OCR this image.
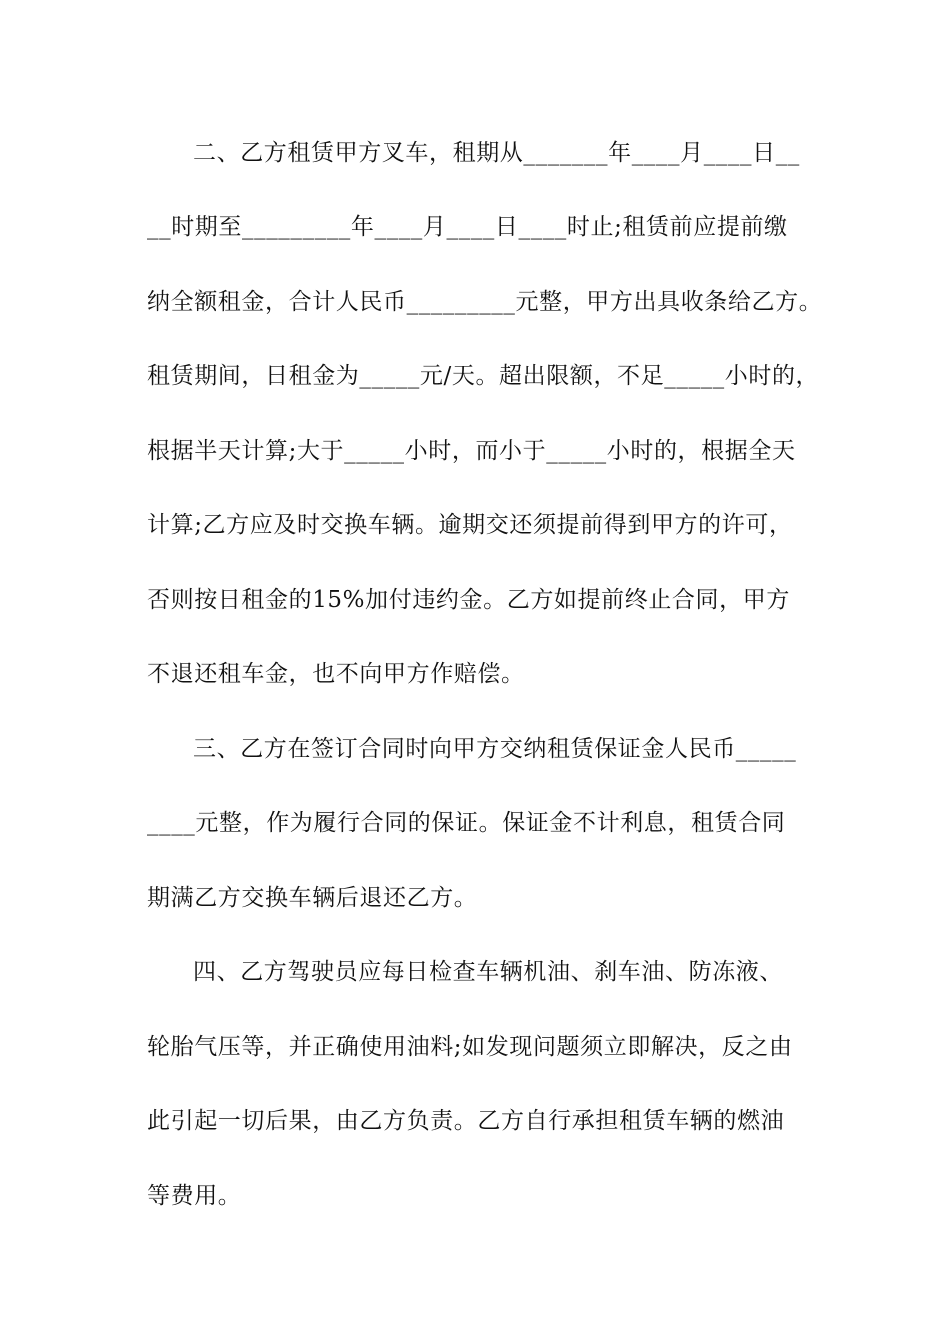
二、乙方租赁甲方叉车，租期从_______年____月____日__
__时期至_________年____月____日____时止;租赁前应提前缴
纳全额租金，合计人民币_________元整，甲方出具收条给乙方。
租赁期间，日租金为_____元/天。超出限额，不足_____小时的，
根据半天计算;大于_____小时，而小于_____小时的，根据全天
计算;乙方应及时交换车辆。逾期交还须提前得到甲方的许可，
否则按日租金的15%加付违约金。乙方如提前终止合同，甲方
不退还租车金，也不向甲方作赔偿。
三、乙方在签订合同时向甲方交纳租赁保证金人民币_____
____元整，作为履行合同的保证。保证金不计利息，租赁合同
期满乙方交换车辆后退还乙方。
四、乙方驾驶员应每日检查车辆机油、刹车油、防冻液、
轮胎气压等，并正确使用油料;如发现问题须立即解决，反之由
此引起一切后果，由乙方负责。乙方自行承担租赁车辆的燃油
等费用。
